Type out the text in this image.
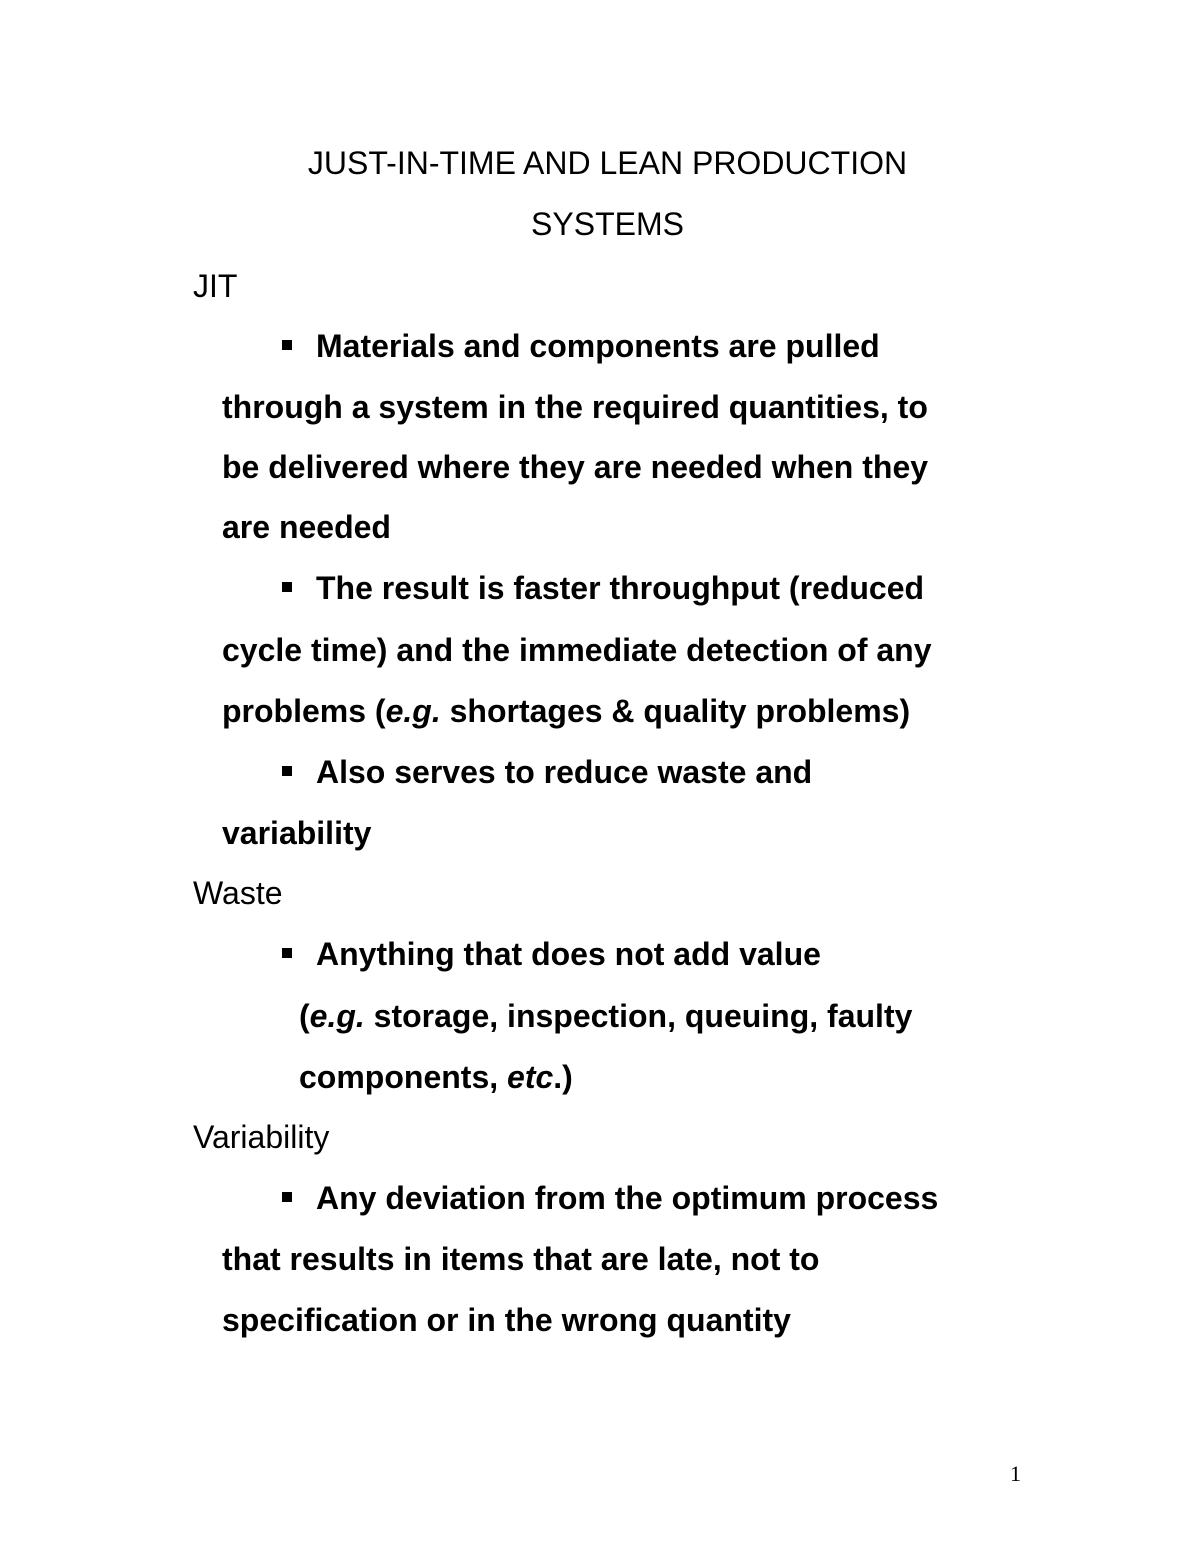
JUST-IN-TIME AND LEAN PRODUCTION
SYSTEMS
JIT
Materials and components are pulled
through a system in the required quantities, to
be delivered where they are needed when they
are needed
The result is faster throughput (reduced
cycle time) and the immediate detection of any
problems (e.g. shortages & quality problems)
Also serves to reduce waste and
variability
Waste
Anything that does not add value
(e.g. storage, inspection, queuing, faulty
components, etc.)
Variability
Any deviation from the optimum process
that results in items that are late, not to
specification or in the wrong quantity
1
